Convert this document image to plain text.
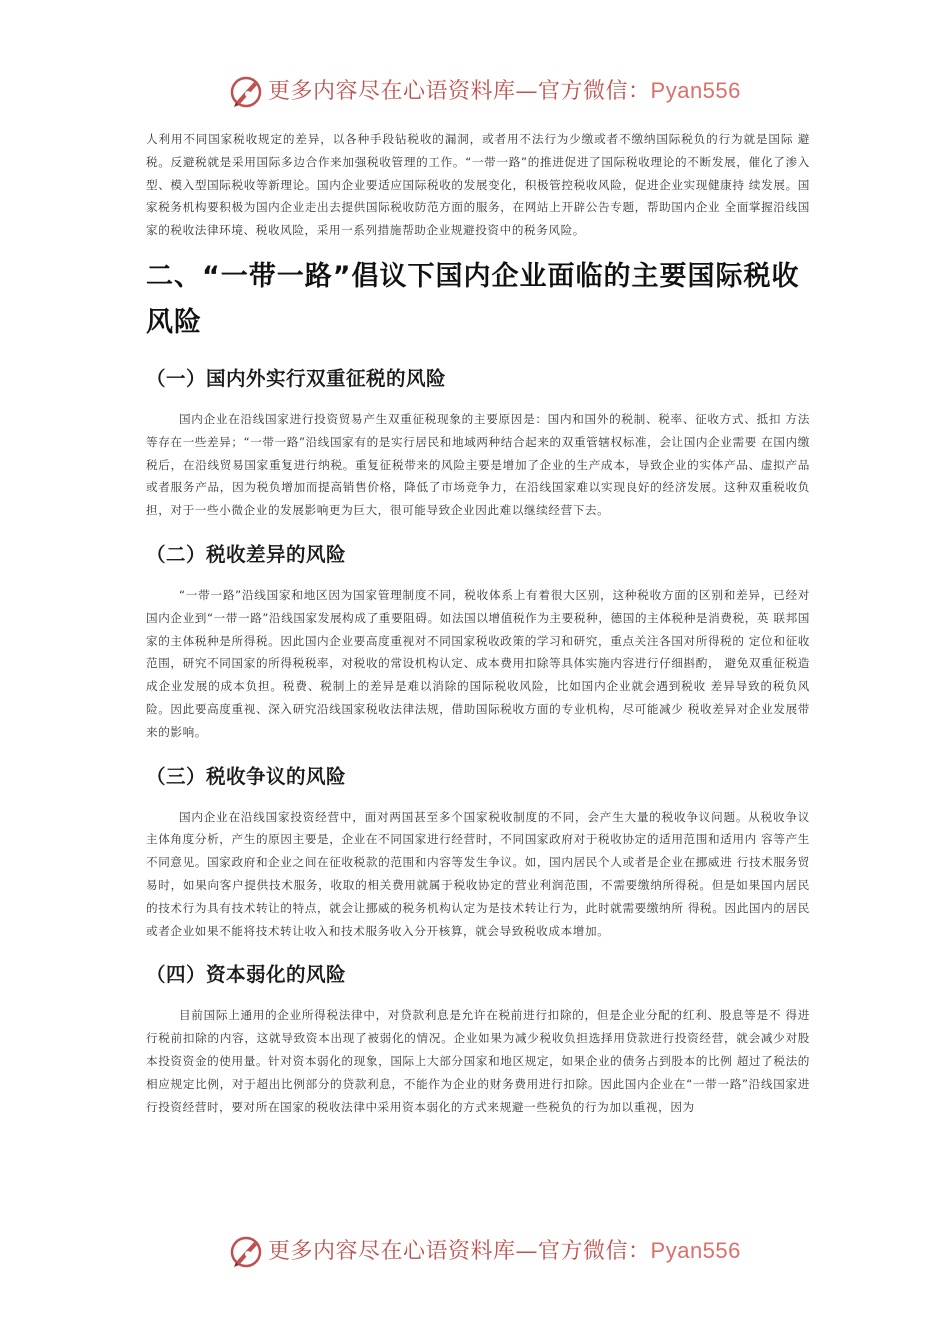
更多内容尽在心语资料库—官方微信：Pyan556

人利用不同国家税收规定的差异，以各种手段钻税收的漏洞，或者用不法行为少缴或者不缴纳国际税负的行为就是国际 避税。反避税就是采用国际多边合作来加强税收管理的工作。“一带一路”的推进促进了国际税收理论的不断发展，催化了渗入型、模入型国际税收等新理论。国内企业要适应国际税收的发展变化，积极管控税收风险，促进企业实现健康持 续发展。国家税务机构要积极为国内企业走出去提供国际税收防范方面的服务，在网站上开辟公告专题，帮助国内企业 全面掌握沿线国家的税收法律环境、税收风险，采用一系列措施帮助企业规避投资中的税务风险。

二、“一带一路”倡议下国内企业面临的主要国际税收风险
（一）国内外实行双重征税的风险

国内企业在沿线国家进行投资贸易产生双重征税现象的主要原因是：国内和国外的税制、税率、征收方式、抵扣 方法等存在一些差异；“一带一路”沿线国家有的是实行居民和地域两种结合起来的双重管辖权标准，会让国内企业需要 在国内缴税后，在沿线贸易国家重复进行纳税。重复征税带来的风险主要是增加了企业的生产成本，导致企业的实体产品、虚拟产品或者服务产品，因为税负增加而提高销售价格，降低了市场竞争力，在沿线国家难以实现良好的经济发展。这种双重税收负担，对于一些小微企业的发展影响更为巨大，很可能导致企业因此难以继续经营下去。

（二）税收差异的风险

“一带一路”沿线国家和地区因为国家管理制度不同，税收体系上有着很大区别，这种税收方面的区别和差异，已经对国内企业到“一带一路”沿线国家发展构成了重要阻碍。如法国以增值税作为主要税种，德国的主体税种是消费税，英 联邦国家的主体税种是所得税。因此国内企业要高度重视对不同国家税收政策的学习和研究，重点关注各国对所得税的 定位和征收范围，研究不同国家的所得税税率，对税收的常设机构认定、成本费用扣除等具体实施内容进行仔细斟酌， 避免双重征税造成企业发展的成本负担。税费、税制上的差异是难以消除的国际税收风险，比如国内企业就会遇到税收 差异导致的税负风险。因此要高度重视、深入研究沿线国家税收法律法规，借助国际税收方面的专业机构，尽可能减少 税收差异对企业发展带来的影响。

（三）税收争议的风险

国内企业在沿线国家投资经营中，面对两国甚至多个国家税收制度的不同，会产生大量的税收争议问题。从税收争议主体角度分析，产生的原因主要是，企业在不同国家进行经营时，不同国家政府对于税收协定的适用范围和适用内 容等产生不同意见。国家政府和企业之间在征收税款的范围和内容等发生争议。如，国内居民个人或者是企业在挪威进 行技术服务贸易时，如果向客户提供技术服务，收取的相关费用就属于税收协定的营业利润范围，不需要缴纳所得税。但是如果国内居民的技术行为具有技术转让的特点，就会让挪威的税务机构认定为是技术转让行为，此时就需要缴纳所 得税。因此国内的居民或者企业如果不能将技术转让收入和技术服务收入分开核算，就会导致税收成本增加。

（四）资本弱化的风险

目前国际上通用的企业所得税法律中，对贷款利息是允许在税前进行扣除的，但是企业分配的红利、股息等是不 得进行税前扣除的内容，这就导致资本出现了被弱化的情况。企业如果为减少税收负担选择用贷款进行投资经营，就会减少对股本投资资金的使用量。针对资本弱化的现象，国际上大部分国家和地区规定，如果企业的债务占到股本的比例 超过了税法的相应规定比例，对于超出比例部分的贷款利息，不能作为企业的财务费用进行扣除。因此国内企业在“一带一路”沿线国家进行投资经营时，要对所在国家的税收法律中采用资本弱化的方式来规避一些税负的行为加以重视，因为

更多内容尽在心语资料库—官方微信：Pyan556
